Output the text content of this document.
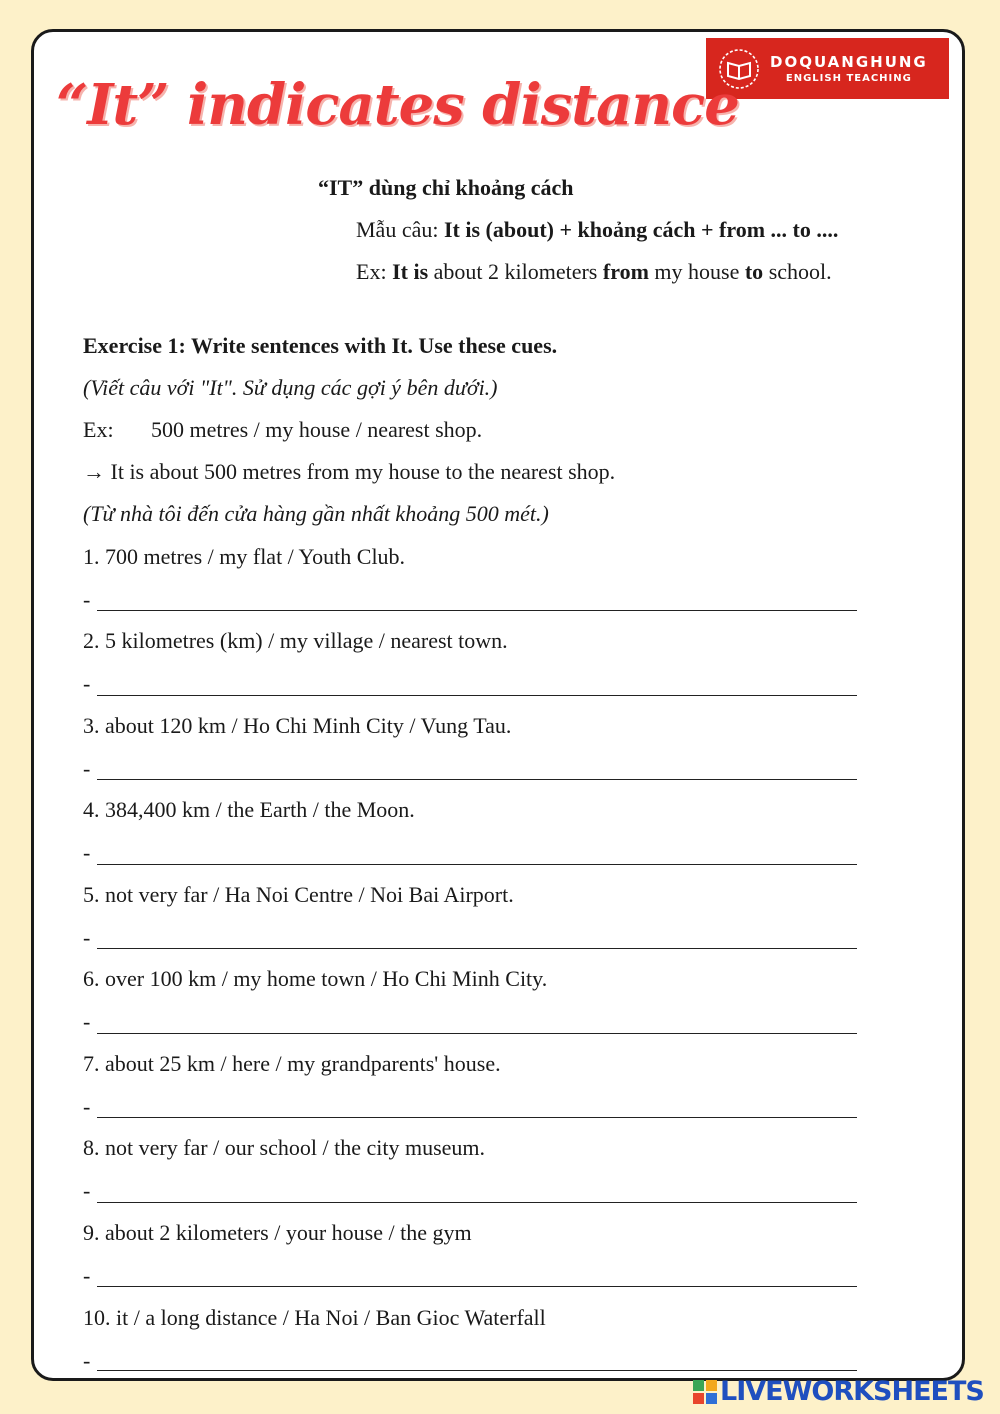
DOQUANGHUNG
ENGLISH TEACHING
“It” indicates distance
“IT” dùng chỉ khoảng cách
Mẫu câu: It is (about) + khoảng cách + from ... to ....
Ex: It is about 2 kilometers from my house to school.
Exercise 1: Write sentences with It. Use these cues.
(Viết câu với "It". Sử dụng các gợi ý bên dưới.)
Ex: 500 metres / my house / nearest shop.
→ It is about 500 metres from my house to the nearest shop.
(Từ nhà tôi đến cửa hàng gần nhất khoảng 500 mét.)
1. 700 metres / my flat / Youth Club.
-
2. 5 kilometres (km) / my village / nearest town.
-
3. about 120 km / Ho Chi Minh City / Vung Tau.
-
4. 384,400 km / the Earth / the Moon.
-
5. not very far / Ha Noi Centre / Noi Bai Airport.
-
6. over 100 km / my home town / Ho Chi Minh City.
-
7. about 25 km / here / my grandparents' house.
-
8. not very far / our school / the city museum.
-
9. about 2 kilometers / your house / the gym
-
10. it / a long distance / Ha Noi / Ban Gioc Waterfall
-
LIVEWORKSHEETS
